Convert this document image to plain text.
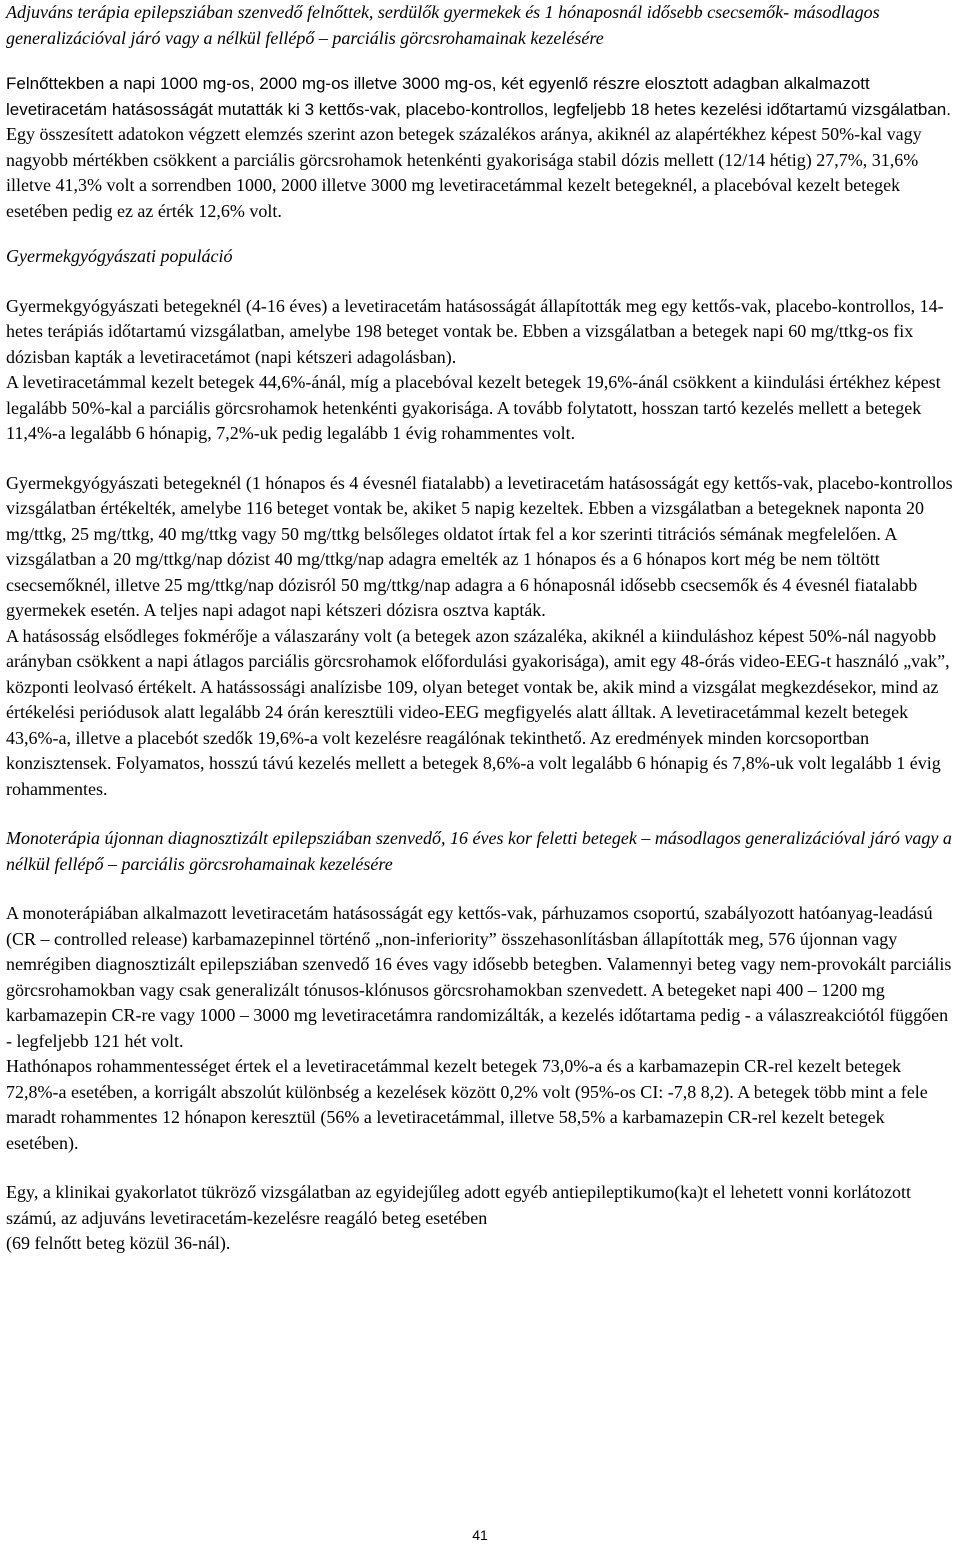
Adjuváns terápia epilepsziában szenvedő felnőttek, serdülők gyermekek és 1 hónaposnál idősebb csecsemők- másodlagos generalizációval járó vagy a nélkül fellépő – parciális görcsrohamainak kezelésére

Felnőttekben a napi 1000 mg-os, 2000 mg-os illetve 3000 mg-os, két egyenlő részre elosztott adagban alkalmazott levetiracetám hatásosságát mutatták ki 3 kettős-vak, placebo-kontrollos, legfeljebb 18 hetes kezelési időtartamú vizsgálatban. Egy összesített adatokon végzett elemzés szerint azon betegek százalékos aránya, akiknél az alapértékhez képest 50%-kal vagy nagyobb mértékben csökkent a parciális görcsrohamok hetenkénti gyakorisága stabil dózis mellett (12/14 hétig) 27,7%, 31,6% illetve 41,3% volt a sorrendben 1000, 2000 illetve 3000 mg levetiracetámmal kezelt betegeknél, a placebóval kezelt betegek esetében pedig ez az érték 12,6% volt.

Gyermekgyógyászati populáció

Gyermekgyógyászati betegeknél (4-16 éves) a levetiracetám hatásosságát állapították meg egy kettős-vak, placebo-kontrollos, 14-hetes terápiás időtartamú vizsgálatban, amelybe 198 beteget vontak be. Ebben a vizsgálatban a betegek napi 60 mg/ttkg-os fix dózisban kapták a levetiracetámot (napi kétszeri adagolásban).

A levetiracetámmal kezelt betegek 44,6%-ánál, míg a placebóval kezelt betegek 19,6%-ánál csökkent a kiindulási értékhez képest legalább 50%-kal a parciális görcsrohamok hetenkénti gyakorisága. A tovább folytatott, hosszan tartó kezelés mellett a betegek 11,4%-a legalább 6 hónapig, 7,2%-uk pedig legalább 1 évig rohammentes volt.

Gyermekgyógyászati betegeknél (1 hónapos és 4 évesnél fiatalabb) a levetiracetám hatásosságát egy kettős-vak, placebo-kontrollos vizsgálatban értékelték, amelybe 116 beteget vontak be, akiket 5 napig kezeltek. Ebben a vizsgálatban a betegeknek naponta 20 mg/ttkg, 25 mg/ttkg, 40 mg/ttkg vagy 50 mg/ttkg belsőleges oldatot írtak fel a kor szerinti titrációs sémának megfelelően. A vizsgálatban a 20 mg/ttkg/nap dózist 40 mg/ttkg/nap adagra emelték az 1 hónapos és a 6 hónapos kort még be nem töltött csecsemőknél, illetve 25 mg/ttkg/nap dózisról 50 mg/ttkg/nap adagra a 6 hónaposnál idősebb csecsemők és 4 évesnél fiatalabb gyermekek esetén. A teljes napi adagot napi kétszeri dózisra osztva kapták.

A hatásosság elsődleges fokmérője a válaszarány volt (a betegek azon százaléka, akiknél a kiinduláshoz képest 50%-nál nagyobb arányban csökkent a napi átlagos parciális görcsrohamok előfordulási gyakorisága), amit egy 48-órás video-EEG-t használó „vak”, központi leolvasó értékelt. A hatássossági analízisbe 109, olyan beteget vontak be, akik mind a vizsgálat megkezdésekor, mind az értékelési periódusok alatt legalább 24 órán keresztüli video-EEG megfigyelés alatt álltak. A levetiracetámmal kezelt betegek 43,6%-a, illetve a placebót szedők 19,6%-a volt kezelésre reagálónak tekinthető. Az eredmények minden korcsoportban konzisztensek. Folyamatos, hosszú távú kezelés mellett a betegek 8,6%-a volt legalább 6 hónapig és 7,8%-uk volt legalább 1 évig rohammentes.

Monoterápia újonnan diagnosztizált epilepsziában szenvedő, 16 éves kor feletti betegek – másodlagos generalizációval járó vagy a nélkül fellépő – parciális görcsrohamainak kezelésére

A monoterápiában alkalmazott levetiracetám hatásosságát egy kettős-vak, párhuzamos csoportú, szabályozott hatóanyag-leadású (CR – controlled release) karbamazepinnel történő „non-inferiority” összehasonlításban állapították meg, 576 újonnan vagy nemrégiben diagnosztizált epilepsziában szenvedő 16 éves vagy idősebb betegben. Valamennyi beteg vagy nem-provokált parciális görcsrohamokban vagy csak generalizált tónusos-klónusos görcsrohamokban szenvedett. A betegeket napi 400 – 1200 mg karbamazepin CR-re vagy 1000 – 3000 mg levetiracetámra randomizálták, a kezelés időtartama pedig - a válaszreakciótól függően - legfeljebb 121 hét volt.

Hathónapos rohammentességet értek el a levetiracetámmal kezelt betegek 73,0%-a és a karbamazepin CR-rel kezelt betegek 72,8%-a esetében, a korrigált abszolút különbség a kezelések között 0,2% volt (95%-os CI: -7,8 8,2). A betegek több mint a fele maradt rohammentes 12 hónapon keresztül (56% a levetiracetámmal, illetve 58,5% a karbamazepin CR-rel kezelt betegek esetében).

Egy, a klinikai gyakorlatot tükröző vizsgálatban az egyidejűleg adott egyéb antiepileptikumo(ka)t el lehetett vonni korlátozott számú, az adjuváns levetiracetám-kezelésre reagáló beteg esetében
(69 felnőtt beteg közül 36-nál).

41
